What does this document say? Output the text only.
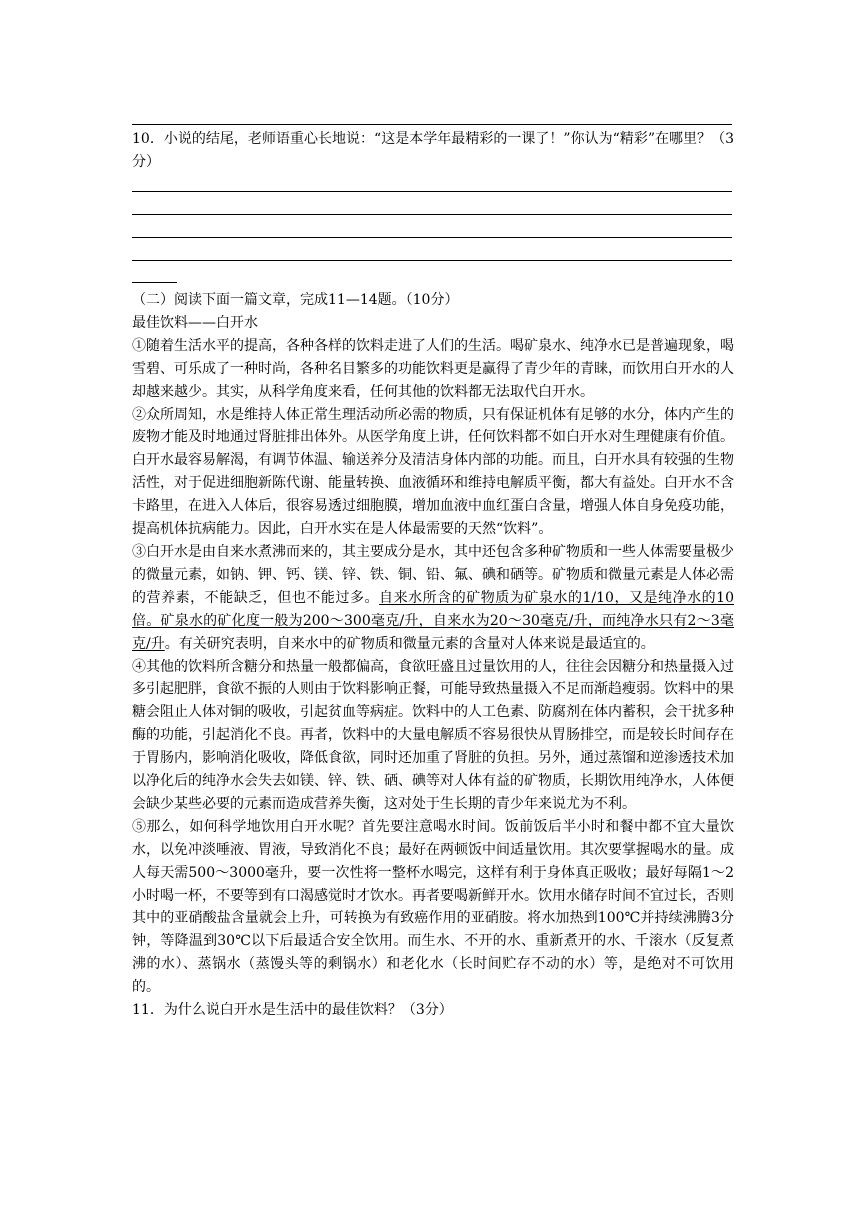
10．小说的结尾，老师语重心长地说：“这是本学年最精彩的一课了！”你认为“精彩”在哪里？（3分）
（二）阅读下面一篇文章，完成11—14题。（10分）
最佳饮料——白开水
①随着生活水平的提高，各种各样的饮料走进了人们的生活。喝矿泉水、纯净水已是普遍现象，喝雪碧、可乐成了一种时尚，各种名目繁多的功能饮料更是赢得了青少年的青睐，而饮用白开水的人却越来越少。其实，从科学角度来看，任何其他的饮料都无法取代白开水。
②众所周知，水是维持人体正常生理活动所必需的物质，只有保证机体有足够的水分，体内产生的废物才能及时地通过肾脏排出体外。从医学角度上讲，任何饮料都不如白开水对生理健康有价值。白开水最容易解渴，有调节体温、输送养分及清洁身体内部的功能。而且，白开水具有较强的生物活性，对于促进细胞新陈代谢、能量转换、血液循环和维持电解质平衡，都大有益处。白开水不含卡路里，在进入人体后，很容易透过细胞膜，增加血液中血红蛋白含量，增强人体自身免疫功能，提高机体抗病能力。因此，白开水实在是人体最需要的天然“饮料”。
③白开水是由自来水煮沸而来的，其主要成分是水，其中还包含多种矿物质和一些人体需要量极少的微量元素，如钠、钾、钙、镁、锌、铁、铜、铅、氟、碘和硒等。矿物质和微量元素是人体必需的营养素，不能缺乏，但也不能过多。自来水所含的矿物质为矿泉水的1/10，又是纯净水的10倍。矿泉水的矿化度一般为200～300毫克/升，自来水为20～30毫克/升，而纯净水只有2～3毫克/升。有关研究表明，自来水中的矿物质和微量元素的含量对人体来说是最适宜的。
④其他的饮料所含糖分和热量一般都偏高，食欲旺盛且过量饮用的人，往往会因糖分和热量摄入过多引起肥胖，食欲不振的人则由于饮料影响正餐，可能导致热量摄入不足而渐趋瘦弱。饮料中的果糖会阻止人体对铜的吸收，引起贫血等病症。饮料中的人工色素、防腐剂在体内蓄积，会干扰多种酶的功能，引起消化不良。再者，饮料中的大量电解质不容易很快从胃肠排空，而是较长时间存在于胃肠内，影响消化吸收，降低食欲，同时还加重了肾脏的负担。另外，通过蒸馏和逆渗透技术加以净化后的纯净水会失去如镁、锌、铁、硒、碘等对人体有益的矿物质，长期饮用纯净水，人体便会缺少某些必要的元素而造成营养失衡，这对处于生长期的青少年来说尤为不利。
⑤那么，如何科学地饮用白开水呢？首先要注意喝水时间。饭前饭后半小时和餐中都不宜大量饮水，以免冲淡唾液、胃液，导致消化不良；最好在两顿饭中间适量饮用。其次要掌握喝水的量。成人每天需500～3000毫升，要一次性将一整杯水喝完，这样有利于身体真正吸收；最好每隔1～2小时喝一杯，不要等到有口渴感觉时才饮水。再者要喝新鲜开水。饮用水储存时间不宜过长，否则其中的亚硝酸盐含量就会上升，可转换为有致癌作用的亚硝胺。将水加热到100℃并持续沸腾3分钟，等降温到30℃以下后最适合安全饮用。而生水、不开的水、重新煮开的水、千滚水（反复煮沸的水）、蒸锅水（蒸馒头等的剩锅水）和老化水（长时间贮存不动的水）等，是绝对不可饮用的。
11．为什么说白开水是生活中的最佳饮料？（3分）
